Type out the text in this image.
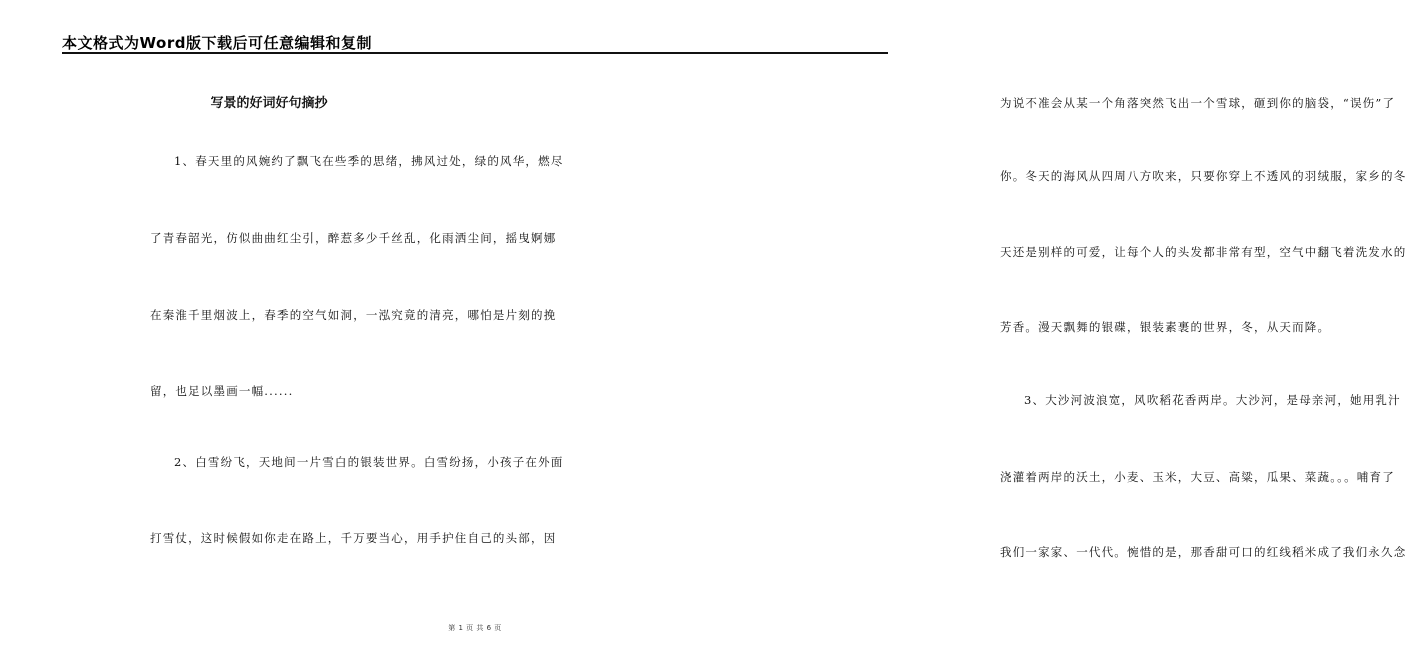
本文格式为Word版下载后可任意编辑和复制
写景的好词好句摘抄
1、春天里的风婉约了飘飞在些季的思绪，拂风过处，绿的风华，燃尽
了青春韶光，仿似曲曲红尘引，醉惹多少千丝乱，化雨洒尘间，摇曳婀娜
在秦淮千里烟波上，春季的空气如洞，一泓究竟的清亮，哪怕是片刻的挽
留，也足以墨画一幅......
2、白雪纷飞，天地间一片雪白的银装世界。白雪纷扬，小孩子在外面
打雪仗，这时候假如你走在路上，千万要当心，用手护住自己的头部，因
为说不准会从某一个角落突然飞出一个雪球，砸到你的脑袋，“误伤”了
你。冬天的海风从四周八方吹来，只要你穿上不透风的羽绒服，家乡的冬
天还是别样的可爱，让每个人的头发都非常有型，空气中翻飞着洗发水的
芳香。漫天飘舞的银碟，银装素裹的世界，冬，从天而降。
3、大沙河波浪宽，风吹稻花香两岸。大沙河，是母亲河，她用乳汁
浇灌着两岸的沃土，小麦、玉米，大豆、高粱，瓜果、菜蔬。。。哺育了
我们一家家、一代代。惋惜的是，那香甜可口的红线稻米成了我们永久念
第 1 页 共 6 页
